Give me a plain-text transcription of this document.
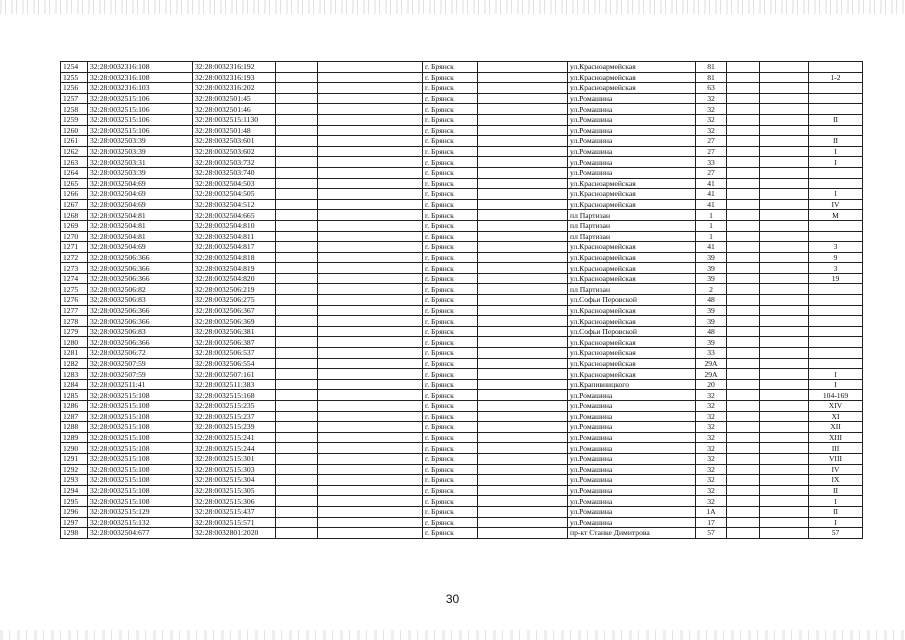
1254	32:28:0032316:108	32:28:0032316:192			г. Брянск		ул.Красноармейская	81			
1255	32:28:0032316:108	32:28:0032316:193			г. Брянск		ул.Красноармейская	81			1-2
1256	32:28:0032316:103	32:28:0032316:202			г. Брянск		ул.Красноармейская	63			
1257	32:28:0032515:106	32:28:0032501:45			г. Брянск		ул.Ромашина	32			
1258	32:28:0032515:106	32:28:0032501:46			г. Брянск		ул.Ромашина	32			
1259	32:28:0032515:106	32:28:0032515:1130			г. Брянск		ул.Ромашина	32			II
1260	32:28:0032515:106	32:28:0032501:48			г. Брянск		ул.Ромашина	32			
1261	32:28:0032503:39	32:28:0032503:601			г. Брянск		ул.Ромашина	27			II
1262	32:28:0032503:39	32:28:0032503:602			г. Брянск		ул.Ромашина	27			I
1263	32:28:0032503:31	32:28:0032503:732			г. Брянск		ул.Ромашина	33			I
1264	32:28:0032503:39	32:28:0032503:740			г. Брянск		ул.Ромашина	27			
1265	32:28:0032504:69	32:28:0032504:503			г. Брянск		ул.Красноармейская	41			
1266	32:28:0032504:69	32:28:0032504:505			г. Брянск		ул.Красноармейская	41			I
1267	32:28:0032504:69	32:28:0032504:512			г. Брянск		ул.Красноармейская	41			IV
1268	32:28:0032504:81	32:28:0032504:665			г. Брянск		пл Партизан	1			M
1269	32:28:0032504:81	32:28:0032504:810			г. Брянск		пл Партизан	1			
1270	32:28:0032504:81	32:28:0032504:811			г. Брянск		пл Партизан	1			
1271	32:28:0032504:69	32:28:0032504:817			г. Брянск		ул.Красноармейская	41			3
1272	32:28:0032506:366	32:28:0032504:818			г. Брянск		ул.Красноармейская	39			9
1273	32:28:0032506:366	32:28:0032504:819			г. Брянск		ул.Красноармейская	39			3
1274	32:28:0032506:366	32:28:0032504:820			г. Брянск		ул.Красноармейская	39			19
1275	32:28:0032506:82	32:28:0032506:219			г. Брянск		пл Партизан	2			
1276	32:28:0032506:83	32:28:0032506:275			г. Брянск		ул.Софьи Перовской	48			
1277	32:28:0032506:366	32:28:0032506:367			г. Брянск		ул.Красноармейская	39			
1278	32:28:0032506:366	32:28:0032506:369			г. Брянск		ул.Красноармейская	39			
1279	32:28:0032506:83	32:28:0032506:381			г. Брянск		ул.Софьи Перовской	48			
1280	32:28:0032506:366	32:28:0032506:387			г. Брянск		ул.Красноармейская	39			
1281	32:28:0032506:72	32:28:0032506:537			г. Брянск		ул.Красноармейская	33			
1282	32:28:0032507:59	32:28:0032506:554			г. Брянск		ул.Красноармейская	29А			
1283	32:28:0032507:59	32:28:0032507:161			г. Брянск		ул.Красноармейская	29А			I
1284	32:28:0032511:41	32:28:0032511:383			г. Брянск		ул.Крапивницкого	20			I
1285	32:28:0032515:108	32:28:0032515:168			г. Брянск		ул.Ромашина	32			104-169
1286	32:28:0032515:108	32:28:0032515:235			г. Брянск		ул.Ромашина	32			XIV
1287	32:28:0032515:108	32:28:0032515:237			г. Брянск		ул.Ромашина	32			XI
1288	32:28:0032515:108	32:28:0032515:239			г. Брянск		ул.Ромашина	32			XII
1289	32:28:0032515:108	32:28:0032515:241			г. Брянск		ул.Ромашина	32			XIII
1290	32:28:0032515:108	32:28:0032515:244			г. Брянск		ул.Ромашина	32			III
1291	32:28:0032515:108	32:28:0032515:301			г. Брянск		ул.Ромашина	32			VIII
1292	32:28:0032515:108	32:28:0032515:303			г. Брянск		ул.Ромашина	32			IV
1293	32:28:0032515:108	32:28:0032515:304			г. Брянск		ул.Ромашина	32			IX
1294	32:28:0032515:108	32:28:0032515:305			г. Брянск		ул.Ромашина	32			II
1295	32:28:0032515:108	32:28:0032515:306			г. Брянск		ул.Ромашина	32			I
1296	32:28:0032515:129	32:28:0032515:437			г. Брянск		ул.Ромашина	1А			II
1297	32:28:0032515:132	32:28:0032515:571			г. Брянск		ул.Ромашина	17			I
1298	32:28:0032504:677	32:28:0032801:2020			г. Брянск		пр-кт Станке Димитрова	57			57
30
